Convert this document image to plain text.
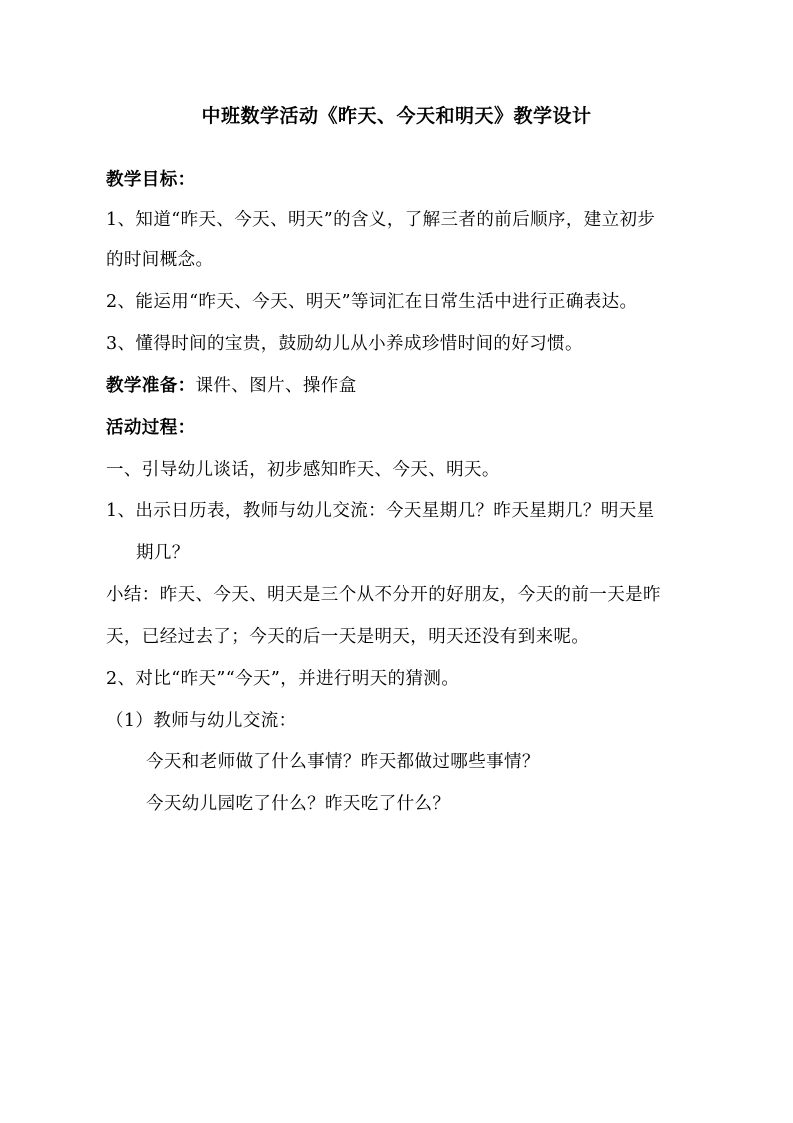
中班数学活动《昨天、今天和明天》教学设计
教学目标：
1、知道“昨天、今天、明天”的含义，了解三者的前后顺序，建立初步
的时间概念。
2、能运用“昨天、今天、明天”等词汇在日常生活中进行正确表达。
3、懂得时间的宝贵，鼓励幼儿从小养成珍惜时间的好习惯。
教学准备：课件、图片、操作盒
活动过程：
一、引导幼儿谈话，初步感知昨天、今天、明天。
1、出示日历表，教师与幼儿交流：今天星期几？昨天星期几？明天星
期几？
小结：昨天、今天、明天是三个从不分开的好朋友，今天的前一天是昨
天，已经过去了；今天的后一天是明天，明天还没有到来呢。
2、对比“昨天”“今天”，并进行明天的猜测。
（1）教师与幼儿交流：
今天和老师做了什么事情？昨天都做过哪些事情？
今天幼儿园吃了什么？昨天吃了什么？
